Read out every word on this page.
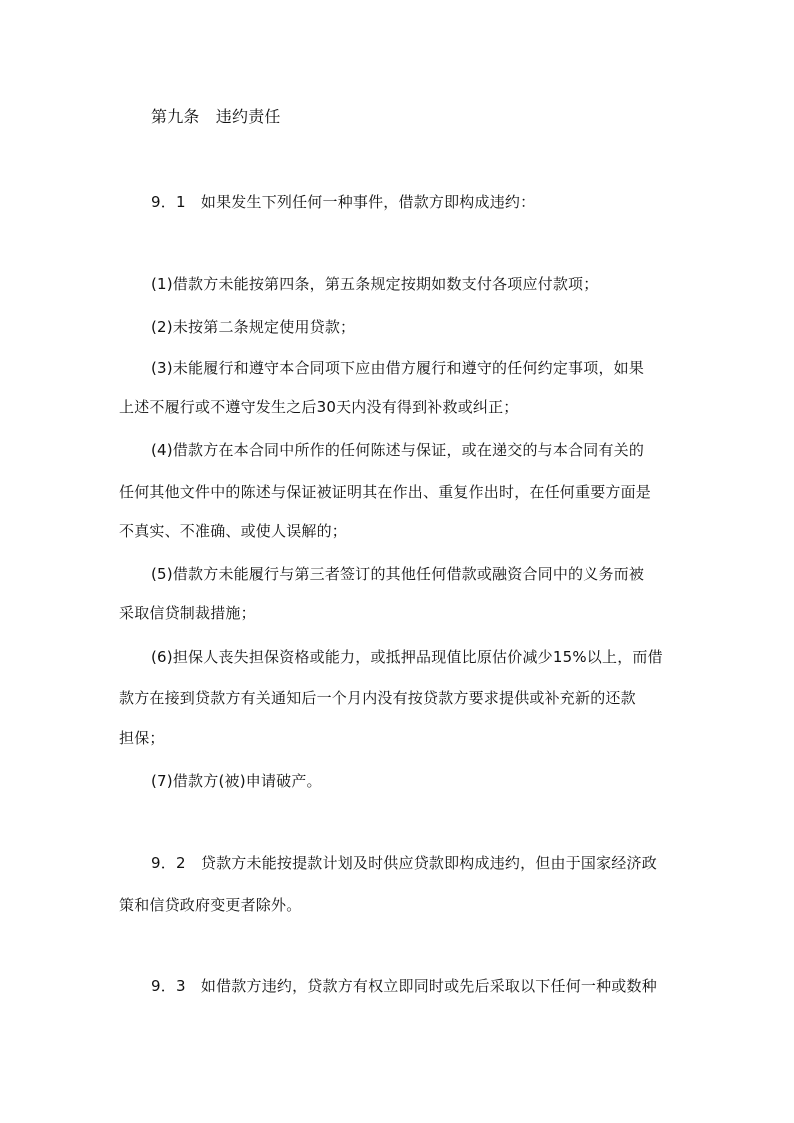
第九条　违约责任
9．1　如果发生下列任何一种事件，借款方即构成违约：
(1)借款方未能按第四条，第五条规定按期如数支付各项应付款项；
(2)未按第二条规定使用贷款；
(3)未能履行和遵守本合同项下应由借方履行和遵守的任何约定事项，如果
上述不履行或不遵守发生之后30天内没有得到补救或纠正；
(4)借款方在本合同中所作的任何陈述与保证，或在递交的与本合同有关的
任何其他文件中的陈述与保证被证明其在作出、重复作出时，在任何重要方面是
不真实、不准确、或使人误解的；
(5)借款方未能履行与第三者签订的其他任何借款或融资合同中的义务而被
采取信贷制裁措施；
(6)担保人丧失担保资格或能力，或抵押品现值比原估价减少15%以上，而借
款方在接到贷款方有关通知后一个月内没有按贷款方要求提供或补充新的还款
担保；
(7)借款方(被)申请破产。
9．2　贷款方未能按提款计划及时供应贷款即构成违约，但由于国家经济政
策和信贷政府变更者除外。
9．3　如借款方违约，贷款方有权立即同时或先后采取以下任何一种或数种
